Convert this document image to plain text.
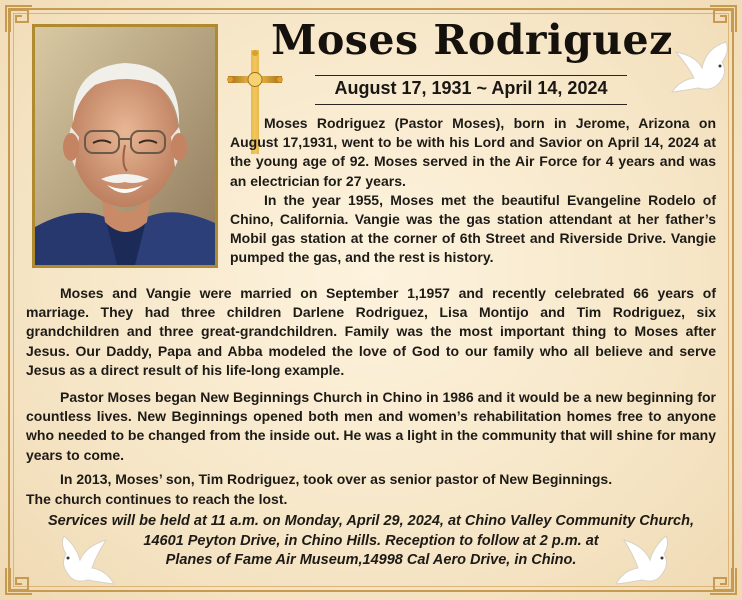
Moses Rodriguez
August 17, 1931 ~ April 14, 2024

Moses Rodriguez (Pastor Moses), born in Jerome, Arizona on August 17,1931, went to be with his Lord and Savior on April 14, 2024 at the young age of 92. Moses served in the Air Force for 4 years and was an electrician for 27 years.

In the year 1955, Moses met the beautiful Evangeline Rodelo of Chino, California. Vangie was the gas station attendant at her father’s Mobil gas station at the corner of 6th Street and Riverside Drive. Vangie pumped the gas, and the rest is history.

Moses and Vangie were married on September 1,1957 and recently celebrated 66 years of marriage. They had three children Darlene Rodriguez, Lisa Montijo and Tim Rodriguez, six grandchildren and three great-grandchildren. Family was the most important thing to Moses after Jesus. Our Daddy, Papa and Abba modeled the love of God to our family who all believe and serve Jesus as a direct result of his life-long example.

Pastor Moses began New Beginnings Church in Chino in 1986 and it would be a new beginning for countless lives. New Beginnings opened both men and women’s rehabilitation homes free to anyone who needed to be changed from the inside out. He was a light in the community that will shine for many years to come.

In 2013, Moses’ son, Tim Rodriguez, took over as senior pastor of New Beginnings.

The church continues to reach the lost.

Services will be held at 11 a.m. on Monday, April 29, 2024, at Chino Valley Community Church,
14601 Peyton Drive, in Chino Hills. Reception to follow at 2 p.m. at
Planes of Fame Air Museum,14998 Cal Aero Drive, in Chino.
